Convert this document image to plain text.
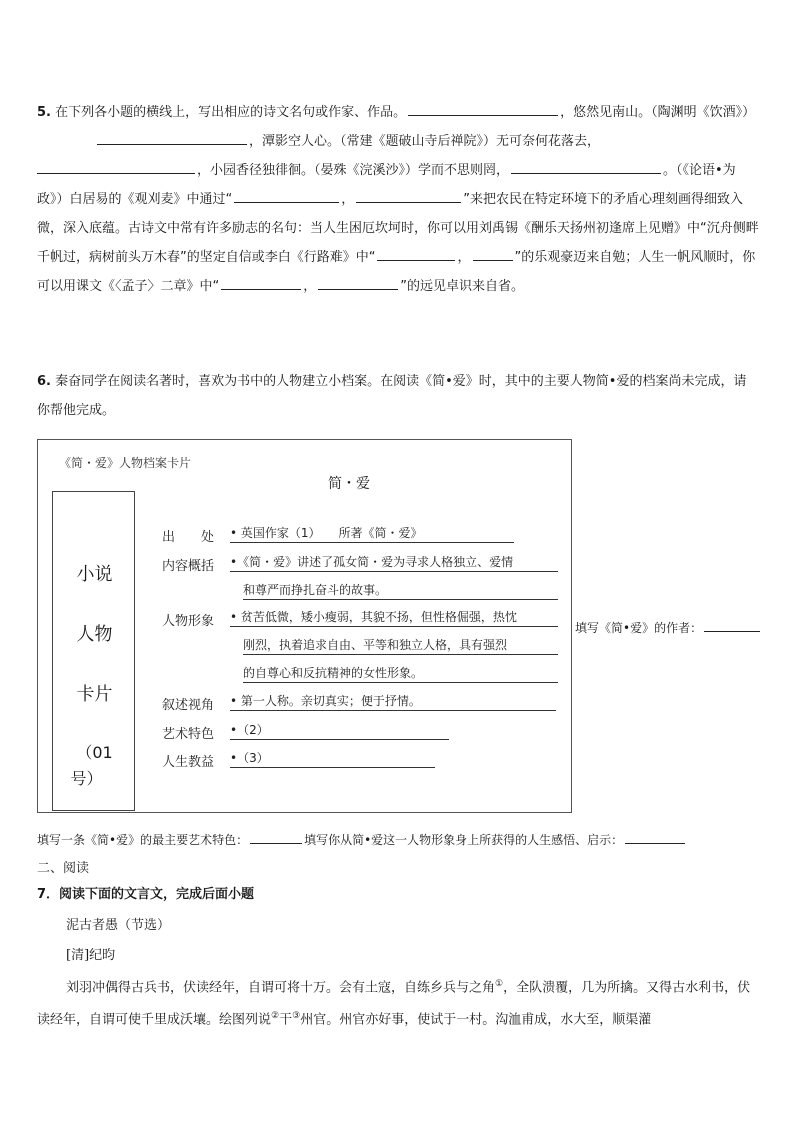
5. 在下列各小题的横线上，写出相应的诗文名句或作家、作品。	，悠然见南山。（陶渊明《饮酒》），潭影空人心。（常建《题破山寺后禅院》）无可奈何花落去，
，小园香径独徘徊。（晏殊《浣溪沙》）学而不思则罔，	。（《论语•为政》）白居易的《观刈麦》中通过“	，	”来把农民在特定环境下的矛盾心理刻画得细致入微，深入底蕴。古诗文中常有许多励志的名句：当人生困厄坎坷时，你可以用刘禹锡《酬乐天扬州初逢席上见赠》中“沉舟侧畔千帆过，病树前头万木春”的坚定自信或李白《行路难》中“	，	”的乐观豪迈来自勉；人生一帆风顺时，你可以用课文《〈孟子〉二章》中“	，	”的远见卓识来自省。

6. 秦奋同学在阅读名著时，喜欢为书中的人物建立小档案。在阅读《简•爱》时，其中的主要人物简•爱的档案尚未完成，请你帮他完成。

《简・爱》人物档案卡片
简・爱
小说
人物
卡片
（01
号）
出　　处 • 英国作家（1）　　所著《简・爱》
内容概括 •《简・爱》讲述了孤女简・爱为寻求人格独立、爱情
和尊严而挣扎奋斗的故事。
人物形象 • 贫苦低微，矮小瘦弱，其貌不扬，但性格倔强，热忱
刚烈，执着追求自由、平等和独立人格，具有强烈
的自尊心和反抗精神的女性形象。
叙述视角 • 第一人称。亲切真实；便于抒情。
艺术特色 •（2）
人生教益 •（3）
填写《简•爱》的作者：
填写一条《简•爱》的最主要艺术特色：	填写你从简•爱这一人物形象身上所获得的人生感悟、启示：
二、阅读
7．阅读下面的文言文，完成后面小题
泥古者愚（节选）
[清]纪昀

刘羽冲偶得古兵书，伏读经年，自谓可将十万。会有土寇，自练乡兵与之角①，全队溃覆，几为所擒。又得古水利书，伏读经年，自谓可使千里成沃壤。绘图列说②干③州官。州官亦好事，使试于一村。沟洫甫成，水大至，顺渠灌
